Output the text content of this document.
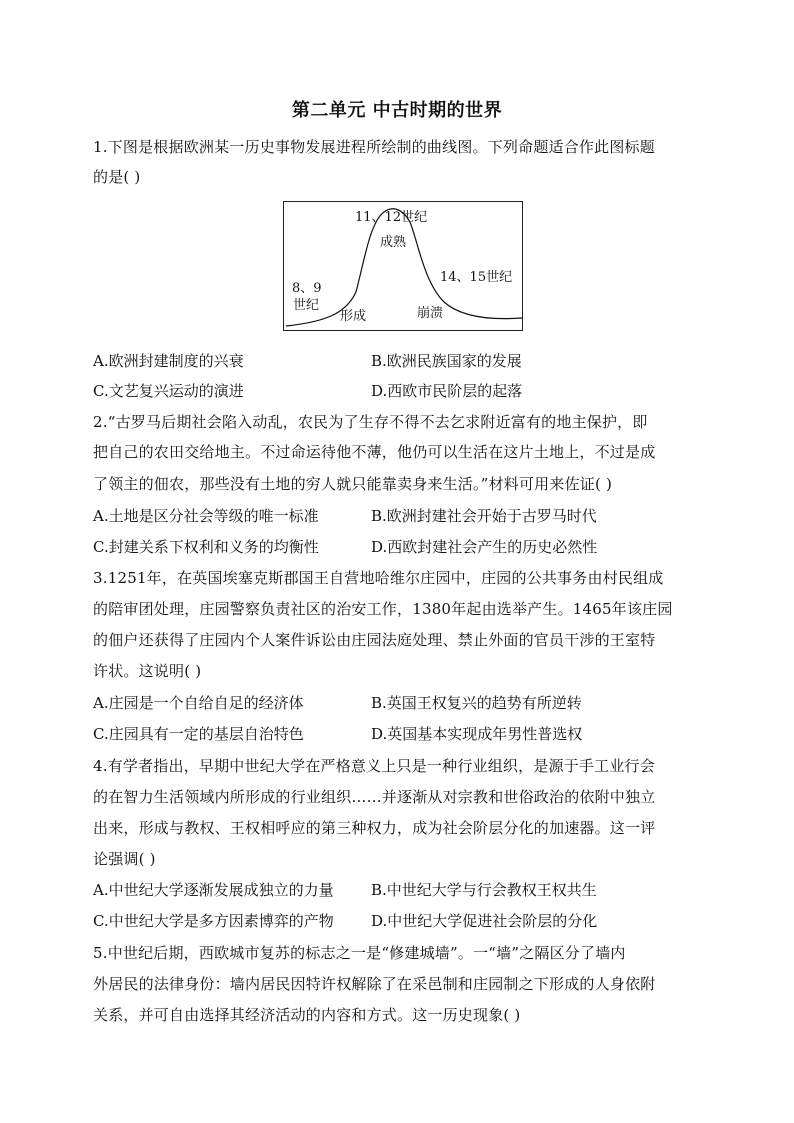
第二单元 中古时期的世界
1.下图是根据欧洲某一历史事物发展进程所绘制的曲线图。下列命题适合作此图标题
的是( )
11、12世纪
成熟
8、9
世纪
14、15世纪
形成	崩溃
A.欧洲封建制度的兴衰	B.欧洲民族国家的发展
C.文艺复兴运动的演进	D.西欧市民阶层的起落
2.“古罗马后期社会陷入动乱，农民为了生存不得不去乞求附近富有的地主保护，即
把自己的农田交给地主。不过命运待他不薄，他仍可以生活在这片土地上，不过是成
了领主的佃农，那些没有土地的穷人就只能靠卖身来生活。”材料可用来佐证( )
A.土地是区分社会等级的唯一标准	B.欧洲封建社会开始于古罗马时代
C.封建关系下权利和义务的均衡性	D.西欧封建社会产生的历史必然性
3.1251年，在英国埃塞克斯郡国王自营地哈维尔庄园中，庄园的公共事务由村民组成
的陪审团处理，庄园警察负责社区的治安工作，1380年起由选举产生。1465年该庄园
的佃户还获得了庄园内个人案件诉讼由庄园法庭处理、禁止外面的官员干涉的王室特
许状。这说明( )
A.庄园是一个自给自足的经济体	B.英国王权复兴的趋势有所逆转
C.庄园具有一定的基层自治特色	D.英国基本实现成年男性普选权
4.有学者指出，早期中世纪大学在严格意义上只是一种行业组织，是源于手工业行会
的在智力生活领域内所形成的行业组织……并逐渐从对宗教和世俗政治的依附中独立
出来，形成与教权、王权相呼应的第三种权力，成为社会阶层分化的加速器。这一评
论强调( )
A.中世纪大学逐渐发展成独立的力量 B.中世纪大学与行会教权王权共生
C.中世纪大学是多方因素博弈的产物 D.中世纪大学促进社会阶层的分化
5.中世纪后期，西欧城市复苏的标志之一是“修建城墙”。一“墙”之隔区分了墙内
外居民的法律身份：墙内居民因特许权解除了在采邑制和庄园制之下形成的人身依附
关系，并可自由选择其经济活动的内容和方式。这一历史现象( )
